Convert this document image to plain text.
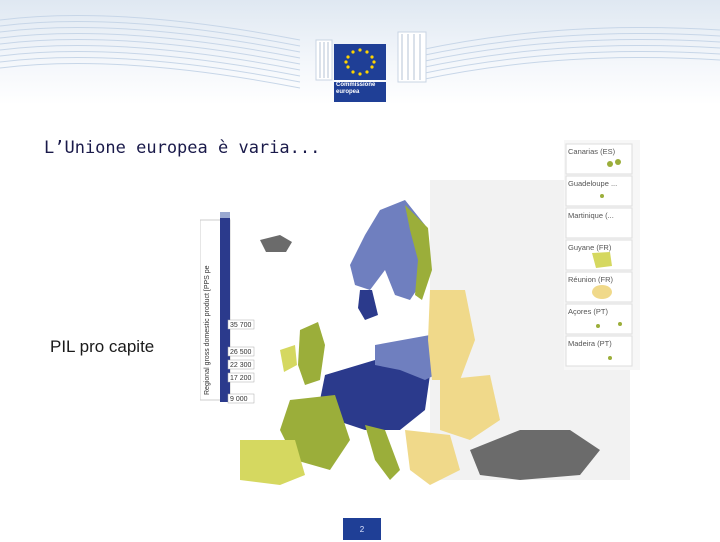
Commissione
europea
L’Unione europea è varia...
Regional gross domestic product [PPS pe	35 700
26 500
22 300
17 200
9 000
Canarias (ES)
Guadeloupe ...
Martinique (...
Guyane (FR)
Réunion (FR)
Açores (PT)
Madeira (PT)
PIL pro capite
2
